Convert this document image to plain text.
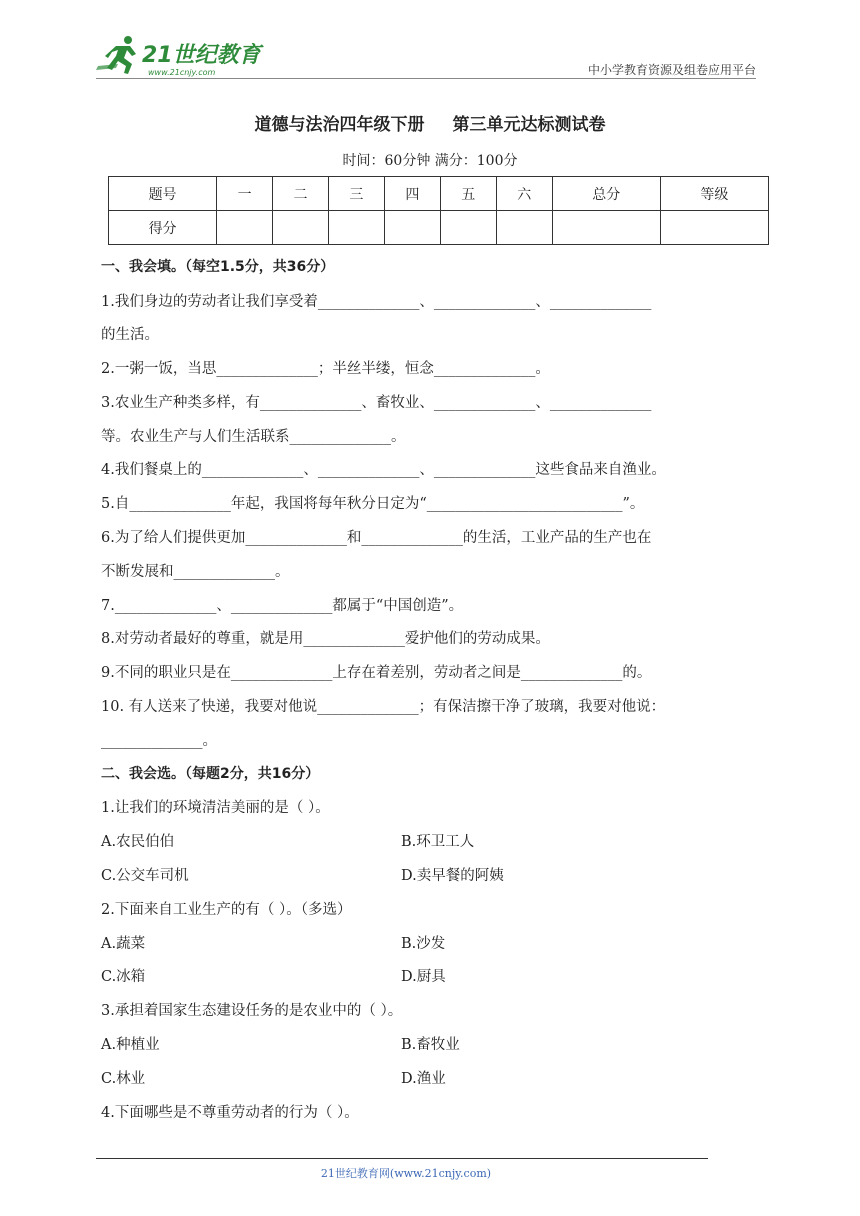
21世纪教育
www.21cnjy.com	中小学教育资源及组卷应用平台
道德与法治四年级下册 第三单元达标测试卷
时间：60分钟 满分：100分
题号	一	二	三	四	五	六	总分	等级
得分								
一、我会填。（每空1.5分，共36分）
1.我们身边的劳动者让我们享受着______________、______________、______________
的生活。
2.一粥一饭，当思______________；半丝半缕，恒念______________。
3.农业生产种类多样，有______________、畜牧业、______________、______________
等。农业生产与人们生活联系______________。
4.我们餐桌上的______________、______________、______________这些食品来自渔业。
5.自______________年起，我国将每年秋分日定为“___________________________”。
6.为了给人们提供更加______________和______________的生活，工业产品的生产也在
不断发展和______________。
7.______________、______________都属于“中国创造”。
8.对劳动者最好的尊重，就是用______________爱护他们的劳动成果。
9.不同的职业只是在______________上存在着差别，劳动者之间是______________的。
10. 有人送来了快递，我要对他说______________；有保洁擦干净了玻璃，我要对他说：
______________。
二、我会选。（每题2分，共16分）
1.让我们的环境清洁美丽的是（ ）。
A.农民伯伯	B.环卫工人
C.公交车司机	D.卖早餐的阿姨
2.下面来自工业生产的有（ ）。（多选）
A.蔬菜	B.沙发
C.冰箱	D.厨具
3.承担着国家生态建设任务的是农业中的（ ）。
A.种植业	B.畜牧业
C.林业	D.渔业
4.下面哪些是不尊重劳动者的行为（ ）。
21世纪教育网(www.21cnjy.com)
